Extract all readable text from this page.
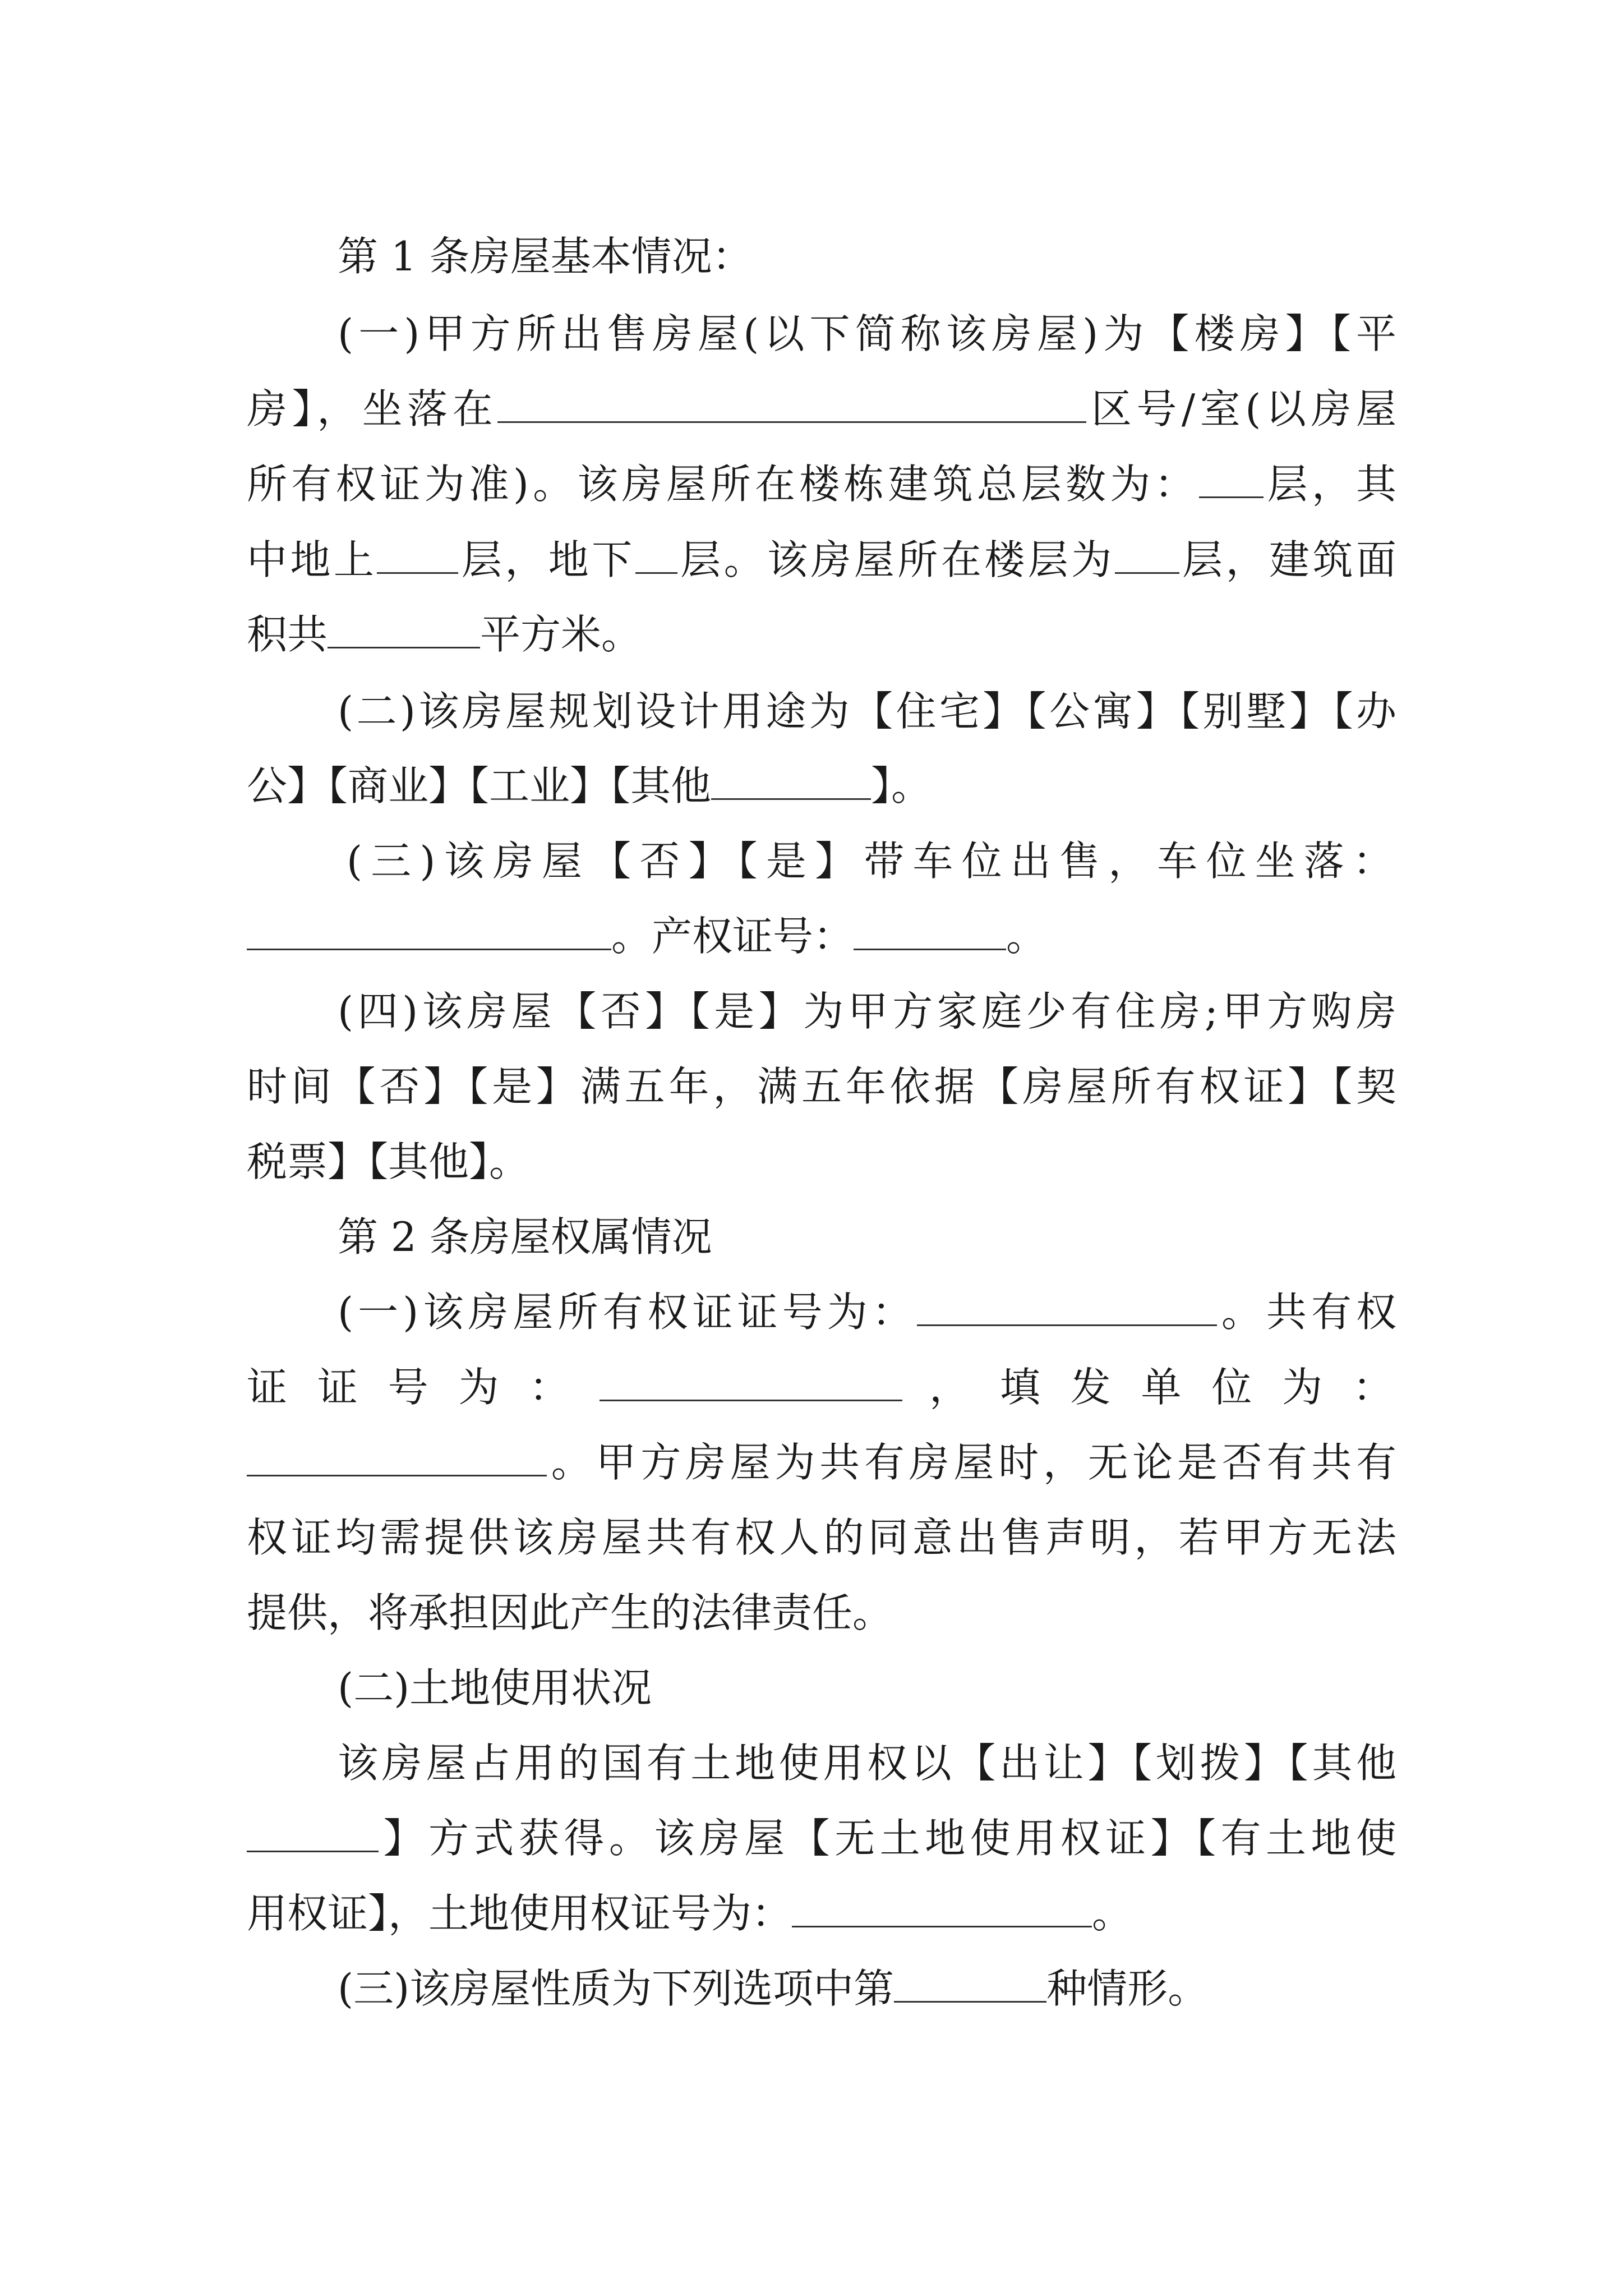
第 1 条房屋基本情况：
(一)甲方所出售房屋(以下简称该房屋)为【楼房】【平
房】，坐落在	区号/室(以房屋
所有权证为准)。该房屋所在楼栋建筑总层数为： 层，其
中地上 层，地下 层。该房屋所在楼层为 层，建筑面
积共	平方米。
(二)该房屋规划设计用途为【住宅】【公寓】【别墅】【办
公】【商业】【工业】【其他	】。
(三)该房屋【否】【是】带车位出售，车位坐落：
。产权证号：	。
(四)该房屋【否】【是】为甲方家庭少有住房;甲方购房
时间【否】【是】满五年，满五年依据【房屋所有权证】【契
税票】【其他】。
第 2 条房屋权属情况
(一)该房屋所有权证证号为：	。共有权
证证号为：	，填发单位为：
。甲方房屋为共有房屋时，无论是否有共有
权证均需提供该房屋共有权人的同意出售声明，若甲方无法
提供，将承担因此产生的法律责任。
(二)土地使用状况
该房屋占用的国有土地使用权以【出让】【划拨】【其他
】方式获得。该房屋【无土地使用权证】【有土地使
用权证】，土地使用权证号为：	。
(三)该房屋性质为下列选项中第	种情形。
